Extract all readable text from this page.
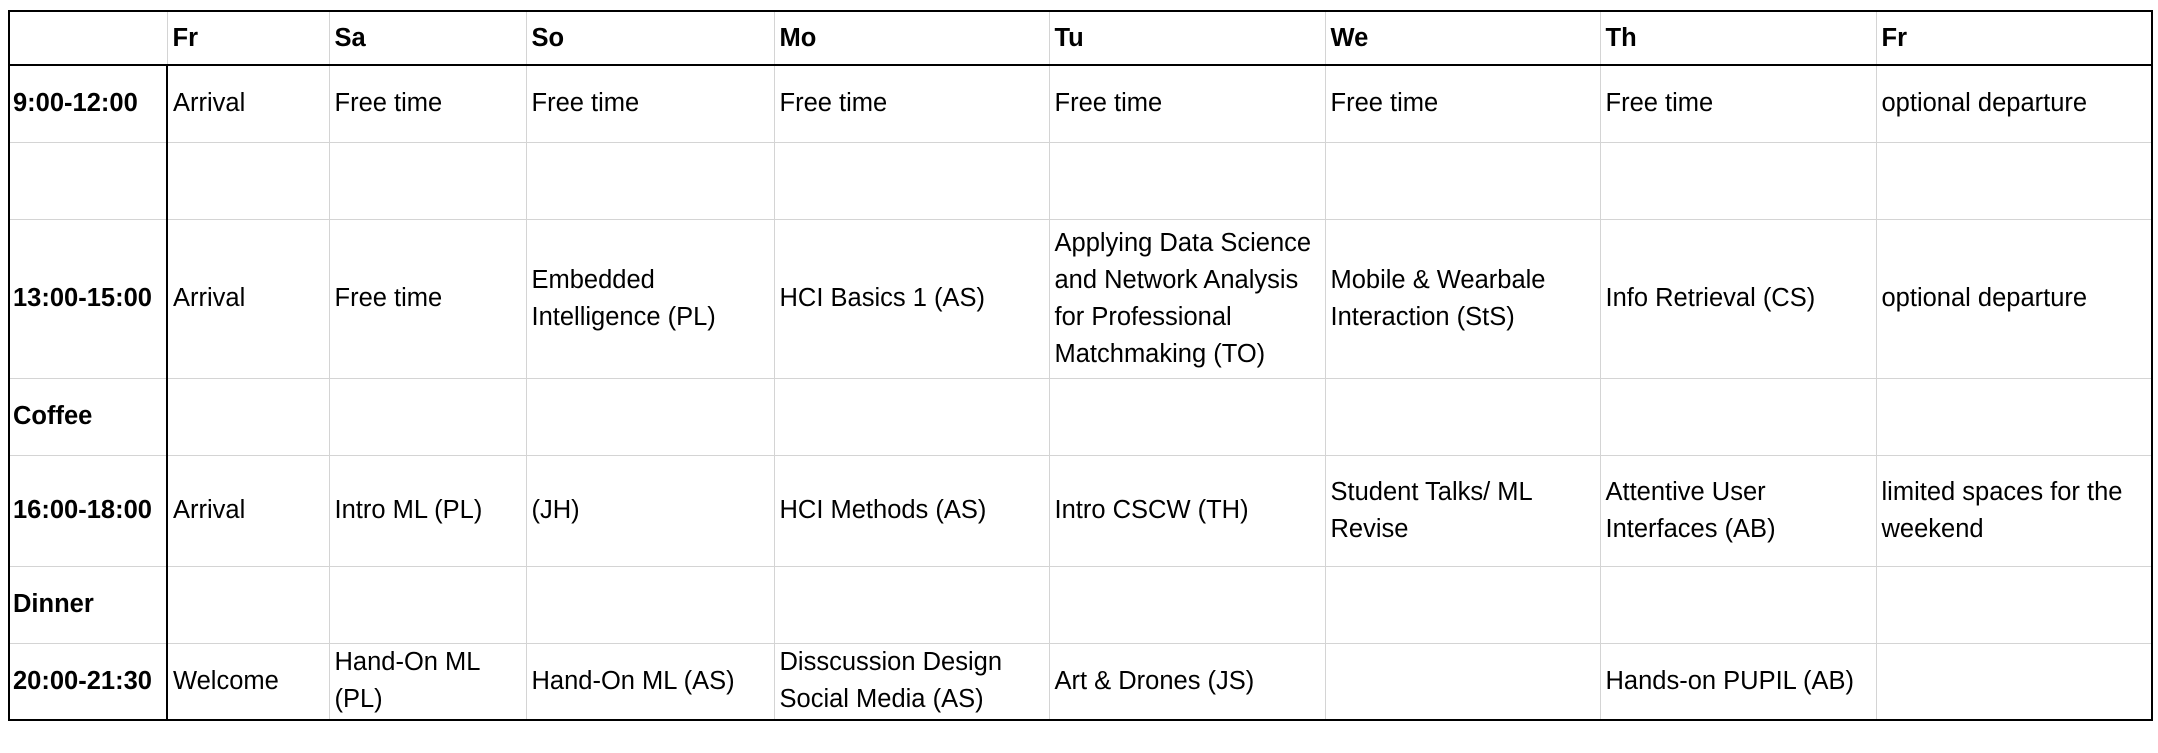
	Fr	Sa	So	Mo	Tu	We	Th	Fr
9:00-12:00	Arrival	Free time	Free time	Free time	Free time	Free time	Free time	optional departure

13:00-15:00	Arrival	Free time	Embedded
Intelligence (PL)	HCI Basics 1 (AS)	Applying Data Science
and Network Analysis
for Professional
Matchmaking (TO)	Mobile & Wearbale
Interaction (StS)	Info Retrieval (CS)	optional departure
Coffee								
16:00-18:00	Arrival	Intro ML (PL)	(JH)	HCI Methods (AS)	Intro CSCW (TH)	Student Talks/ ML
Revise	Attentive User
Interfaces (AB)	limited spaces for the
weekend
Dinner								
20:00-21:30	Welcome	Hand-On ML
(PL)	Hand-On ML (AS)	Disscussion Design
Social Media (AS)	Art & Drones (JS)		Hands-on PUPIL (AB)	
